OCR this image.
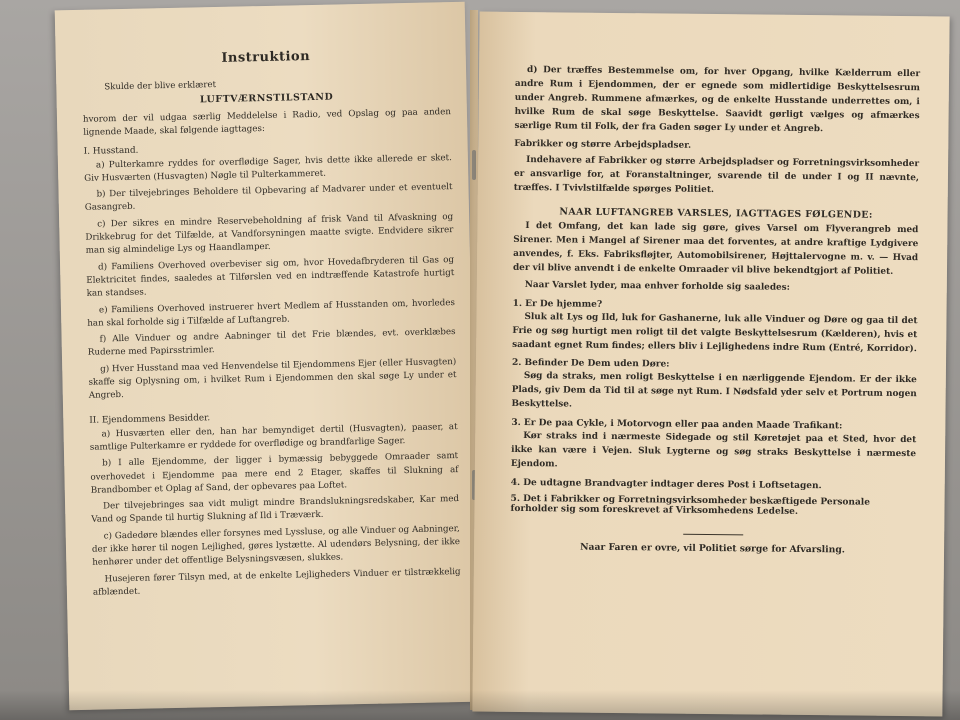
Instruktion
Skulde der blive erklæret
LUFTVÆRNSTILSTAND

hvorom der vil udgaa særlig Meddelelse i Radio, ved Opslag og paa anden lignende Maade, skal følgende iagttages:

I. Husstand.

a) Pulterkamre ryddes for overflødige Sager, hvis dette ikke allerede er sket. Giv Husværten (Husvagten) Nøgle til Pulterkammeret.

b) Der tilvejebringes Beholdere til Opbevaring af Madvarer under et eventuelt Gasangreb.

c) Der sikres en mindre Reservebeholdning af frisk Vand til Afvaskning og Drikkebrug for det Tilfælde, at Vandforsyningen maatte svigte. Endvidere sikrer man sig almindelige Lys og Haandlamper.

d) Familiens Overhoved overbeviser sig om, hvor Hovedafbryderen til Gas og Elektricitet findes, saaledes at Tilførslen ved en indtræffende Katastrofe hurtigt kan standses.

e) Familiens Overhoved instruerer hvert Medlem af Husstanden om, hvorledes han skal forholde sig i Tilfælde af Luftangreb.

f) Alle Vinduer og andre Aabninger til det Frie blændes, evt. overklæbes Ruderne med Papirsstrimler.

g) Hver Husstand maa ved Henvendelse til Ejendommens Ejer (eller Husvagten) skaffe sig Oplysning om, i hvilket Rum i Ejendommen den skal søge Ly under et Angreb.

II. Ejendommens Besidder.

a) Husværten eller den, han har bemyndiget dertil (Husvagten), paaser, at samtlige Pulterkamre er ryddede for overflødige og brandfarlige Sager.

b) I alle Ejendomme, der ligger i bymæssig bebyggede Omraader samt overhovedet i Ejendomme paa mere end 2 Etager, skaffes til Slukning af Brandbomber et Oplag af Sand, der opbevares paa Loftet.

Der tilvejebringes saa vidt muligt mindre Brandslukningsredskaber, Kar med Vand og Spande til hurtig Slukning af Ild i Træværk.

c) Gadedøre blændes eller forsynes med Lyssluse, og alle Vinduer og Aabninger, der ikke hører til nogen Lejlighed, gøres lystætte. Al udendørs Belysning, der ikke henhører under det offentlige Belysningsvæsen, slukkes.

Husejeren fører Tilsyn med, at de enkelte Lejligheders Vinduer er tilstrækkelig afblændet.

d) Der træffes Bestemmelse om, for hver Opgang, hvilke Kælderrum eller andre Rum i Ejendommen, der er egnede som midlertidige Beskyttelsesrum under Angreb. Rummene afmærkes, og de enkelte Husstande underrettes om, i hvilke Rum de skal søge Beskyttelse. Saavidt gørligt vælges og afmærkes særlige Rum til Folk, der fra Gaden søger Ly under et Angreb.

Fabrikker og større Arbejdspladser.

Indehavere af Fabrikker og større Arbejdspladser og Forretningsvirksomheder er ansvarlige for, at Foranstaltninger, svarende til de under I og II nævnte, træffes. I Tvivlstilfælde spørges Politiet.

NAAR LUFTANGREB VARSLES, IAGTTAGES FØLGENDE:

I det Omfang, det kan lade sig gøre, gives Varsel om Flyverangreb med Sirener. Men i Mangel af Sirener maa det forventes, at andre kraftige Lydgivere anvendes, f. Eks. Fabriksfløjter, Automobilsirener, Højttalervogne m. v. — Hvad der vil blive anvendt i de enkelte Omraader vil blive bekendtgjort af Politiet.

Naar Varslet lyder, maa enhver forholde sig saaledes:

1. Er De hjemme?

Sluk alt Lys og Ild, luk for Gashanerne, luk alle Vinduer og Døre og gaa til det Frie og søg hurtigt men roligt til det valgte Beskyttelsesrum (Kælderen), hvis et saadant egnet Rum findes; ellers bliv i Lejlighedens indre Rum (Entré, Korridor).

2. Befinder De Dem uden Døre:

Søg da straks, men roligt Beskyttelse i en nærliggende Ejendom. Er der ikke Plads, giv Dem da Tid til at søge nyt Rum. I Nødsfald yder selv et Portrum nogen Beskyttelse.

3. Er De paa Cykle, i Motorvogn eller paa anden Maade Trafikant:

Kør straks ind i nærmeste Sidegade og stil Køretøjet paa et Sted, hvor det ikke kan være i Vejen. Sluk Lygterne og søg straks Beskyttelse i nærmeste Ejendom.

4. De udtagne Brandvagter indtager deres Post i Loftsetagen.
5. Det i Fabrikker og Forretningsvirksomheder beskæftigede Personale forholder sig som foreskrevet af Virksomhedens Ledelse.
Naar Faren er ovre, vil Politiet sørge for Afvarsling.
